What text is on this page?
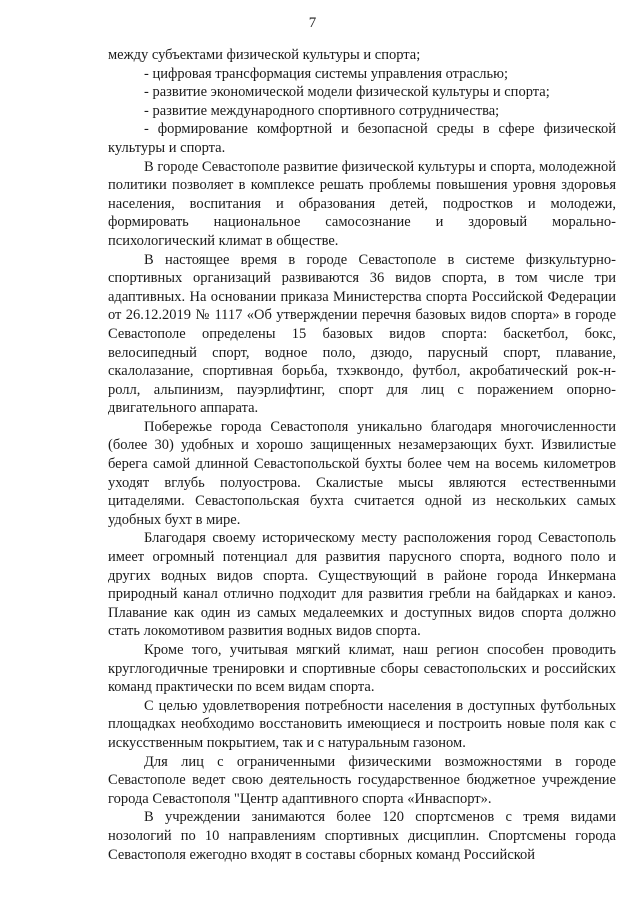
7

между субъектами физической культуры и спорта;

- цифровая трансформация системы управления отраслью;

- развитие экономической модели физической культуры и спорта;

- развитие международного спортивного сотрудничества;

- формирование комфортной и безопасной среды в сфере физической культуры и спорта.

В городе Севастополе развитие физической культуры и спорта, молодежной политики позволяет в комплексе решать проблемы повышения уровня здоровья населения, воспитания и образования детей, подростков и молодежи, формировать национальное самосознание и здоровый морально-психологический климат в обществе.

В настоящее время в городе Севастополе в системе физкультурно-спортивных организаций развиваются 36 видов спорта, в том числе три адаптивных. На основании приказа Министерства спорта Российской Федерации от 26.12.2019 № 1117 «Об утверждении перечня базовых видов спорта» в городе Севастополе определены 15 базовых видов спорта: баскетбол, бокс, велосипедный спорт, водное поло, дзюдо, парусный спорт, плавание, скалолазание, спортивная борьба, тхэквондо, футбол, акробатический рок-н-ролл, альпинизм, пауэрлифтинг, спорт для лиц с поражением опорно-двигательного аппарата.

Побережье города Севастополя уникально благодаря многочисленности (более 30) удобных и хорошо защищенных незамерзающих бухт. Извилистые берега самой длинной Севастопольской бухты более чем на восемь километров уходят вглубь полуострова. Скалистые мысы являются естественными цитаделями. Севастопольская бухта считается одной из нескольких самых удобных бухт в мире.

Благодаря своему историческому месту расположения город Севастополь имеет огромный потенциал для развития парусного спорта, водного поло и других водных видов спорта. Существующий в районе города Инкермана природный канал отлично подходит для развития гребли на байдарках и каноэ. Плавание как один из самых медалеемких и доступных видов спорта должно стать локомотивом развития водных видов спорта.

Кроме того, учитывая мягкий климат, наш регион способен проводить круглогодичные тренировки и спортивные сборы севастопольских и российских команд практически по всем видам спорта.

С целью удовлетворения потребности населения в доступных футбольных площадках необходимо восстановить имеющиеся и построить новые поля как с искусственным покрытием, так и с натуральным газоном.

Для лиц с ограниченными физическими возможностями в городе Севастополе ведет свою деятельность государственное бюджетное учреждение города Севастополя "Центр адаптивного спорта «Инваспорт».

В учреждении занимаются более 120 спортсменов с тремя видами нозологий по 10 направлениям спортивных дисциплин. Спортсмены города Севастополя ежегодно входят в составы сборных команд Российской
